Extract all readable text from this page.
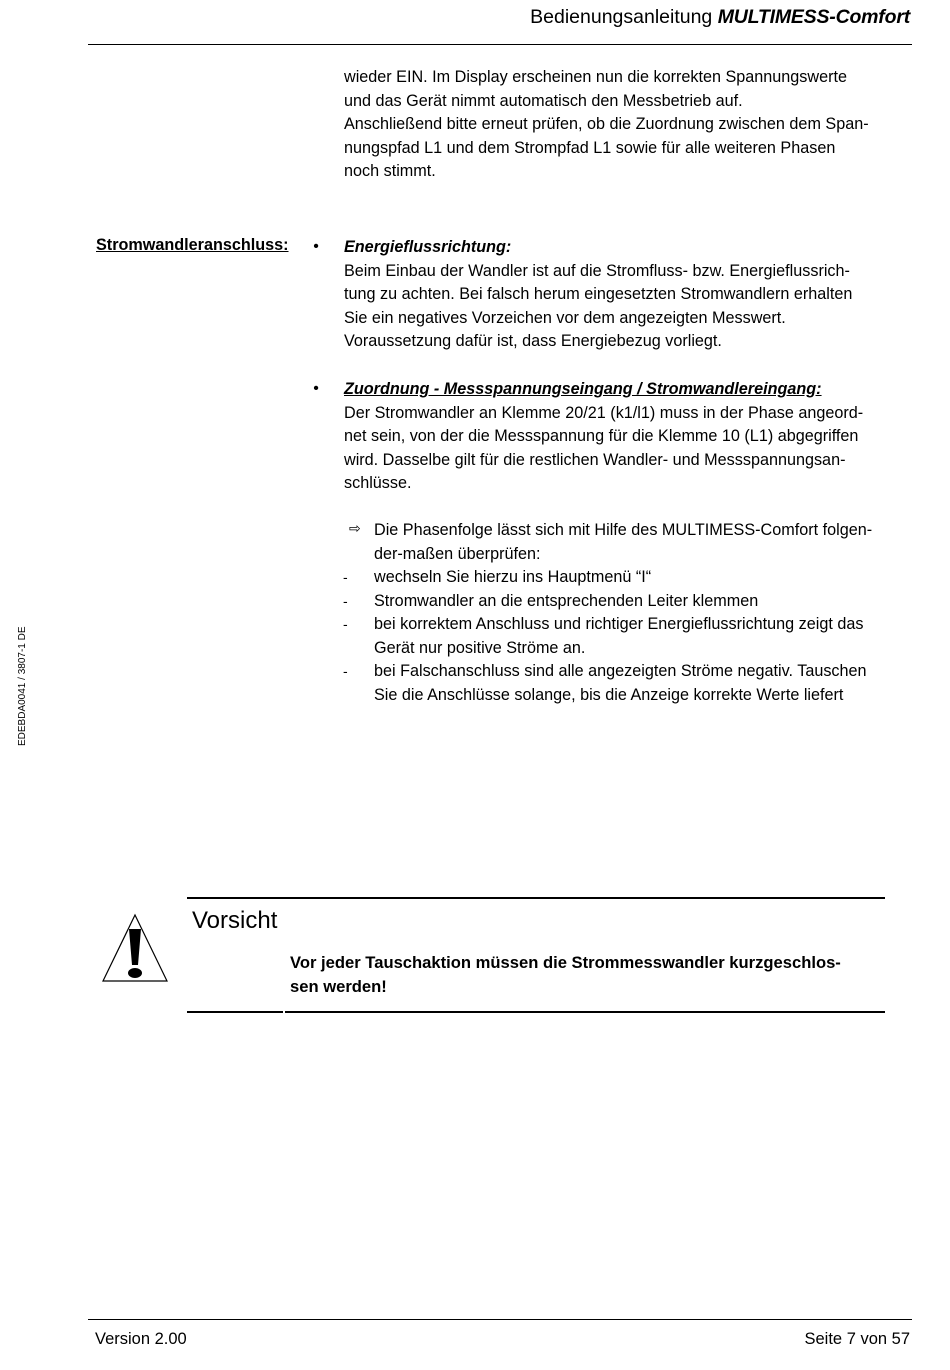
Bedienungsanleitung MULTIMESS-Comfort
wieder EIN. Im Display erscheinen nun die korrekten Spannungswerte
und das Gerät nimmt automatisch den Messbetrieb auf.
Anschließend bitte erneut prüfen, ob die Zuordnung zwischen dem Span-
nungspfad L1 und dem Strompfad L1 sowie für alle weiteren Phasen
noch stimmt.
Stromwandleranschluss: • Energieflussrichtung:
Beim Einbau der Wandler ist auf die Stromfluss- bzw. Energieflussrich-
tung zu achten. Bei falsch herum eingesetzten Stromwandlern erhalten
Sie ein negatives Vorzeichen vor dem angezeigten Messwert.
Voraussetzung dafür ist, dass Energiebezug vorliegt.
• Zuordnung - Messspannungseingang / Stromwandlereingang:
Der Stromwandler an Klemme 20/21 (k1/l1) muss in der Phase angeord-
net sein, von der die Messspannung für die Klemme 10 (L1) abgegriffen
wird. Dasselbe gilt für die restlichen Wandler- und Messspannungsan-
schlüsse.
⇨ Die Phasenfolge lässt sich mit Hilfe des MULTIMESS-Comfort folgen-
der-maßen überprüfen:
- wechseln Sie hierzu ins Hauptmenü “I“
- Stromwandler an die entsprechenden Leiter klemmen
- bei korrektem Anschluss und richtiger Energieflussrichtung zeigt das
Gerät nur positive Ströme an.
- bei Falschanschluss sind alle angezeigten Ströme negativ. Tauschen
Sie die Anschlüsse solange, bis die Anzeige korrekte Werte liefert
EDEBDA0041 / 3807-1 DE
Vorsicht
Vor jeder Tauschaktion müssen die Strommesswandler kurzgeschlos-
sen werden!
Version 2.00	Seite 7 von 57
